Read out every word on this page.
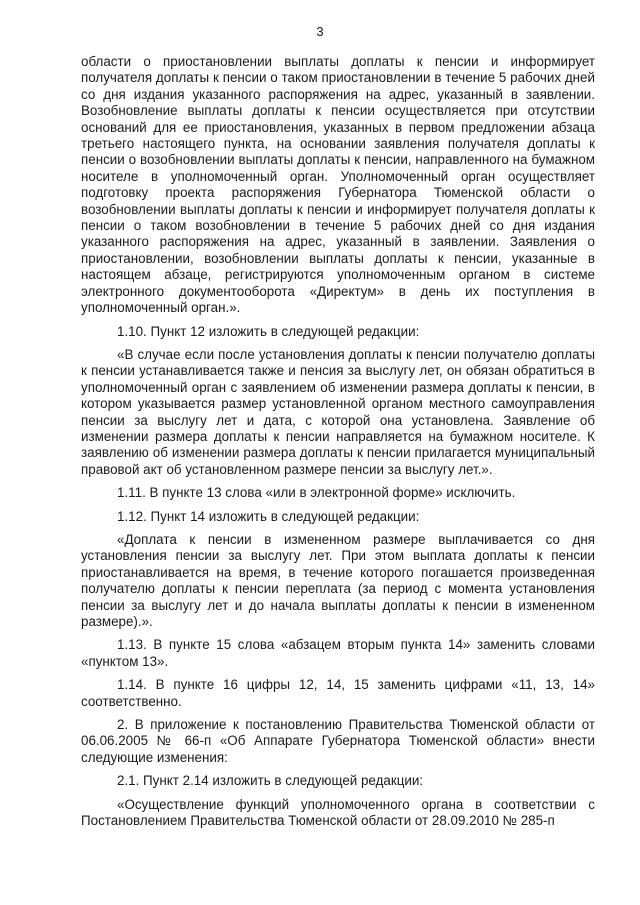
3

области о приостановлении выплаты доплаты к пенсии и информирует получателя доплаты к пенсии о таком приостановлении в течение 5 рабочих дней со дня издания указанного распоряжения на адрес, указанный в заявлении. Возобновление выплаты доплаты к пенсии осуществляется при отсутствии оснований для ее приостановления, указанных в первом предложении абзаца третьего настоящего пункта, на основании заявления получателя доплаты к пенсии о возобновлении выплаты доплаты к пенсии, направленного на бумажном носителе в уполномоченный орган. Уполномоченный орган осуществляет подготовку проекта распоряжения Губернатора Тюменской области о возобновлении выплаты доплаты к пенсии и информирует получателя доплаты к пенсии о таком возобновлении в течение 5 рабочих дней со дня издания указанного распоряжения на адрес, указанный в заявлении. Заявления о приостановлении, возобновлении выплаты доплаты к пенсии, указанные в настоящем абзаце, регистрируются уполномоченным органом в системе электронного документооборота «Директум» в день их поступления в уполномоченный орган.».

1.10. Пункт 12 изложить в следующей редакции:

«В случае если после установления доплаты к пенсии получателю доплаты к пенсии устанавливается также и пенсия за выслугу лет, он обязан обратиться в уполномоченный орган с заявлением об изменении размера доплаты к пенсии, в котором указывается размер установленной органом местного самоуправления пенсии за выслугу лет и дата, с которой она установлена. Заявление об изменении размера доплаты к пенсии направляется на бумажном носителе. К заявлению об изменении размера доплаты к пенсии прилагается муниципальный правовой акт об установленном размере пенсии за выслугу лет.».

1.11. В пункте 13 слова «или в электронной форме» исключить.

1.12. Пункт 14 изложить в следующей редакции:

«Доплата к пенсии в измененном размере выплачивается со дня установления пенсии за выслугу лет. При этом выплата доплаты к пенсии приостанавливается на время, в течение которого погашается произведенная получателю доплаты к пенсии переплата (за период с момента установления пенсии за выслугу лет и до начала выплаты доплаты к пенсии в измененном размере).».

1.13. В пункте 15 слова «абзацем вторым пункта 14» заменить словами «пунктом 13».

1.14. В пункте 16 цифры 12, 14, 15 заменить цифрами «11, 13, 14» соответственно.

2. В приложение к постановлению Правительства Тюменской области от 06.06.2005 № 66-п «Об Аппарате Губернатора Тюменской области» внести следующие изменения:

2.1. Пункт 2.14 изложить в следующей редакции:

«Осуществление функций уполномоченного органа в соответствии с Постановлением Правительства Тюменской области от 28.09.2010 № 285-п
